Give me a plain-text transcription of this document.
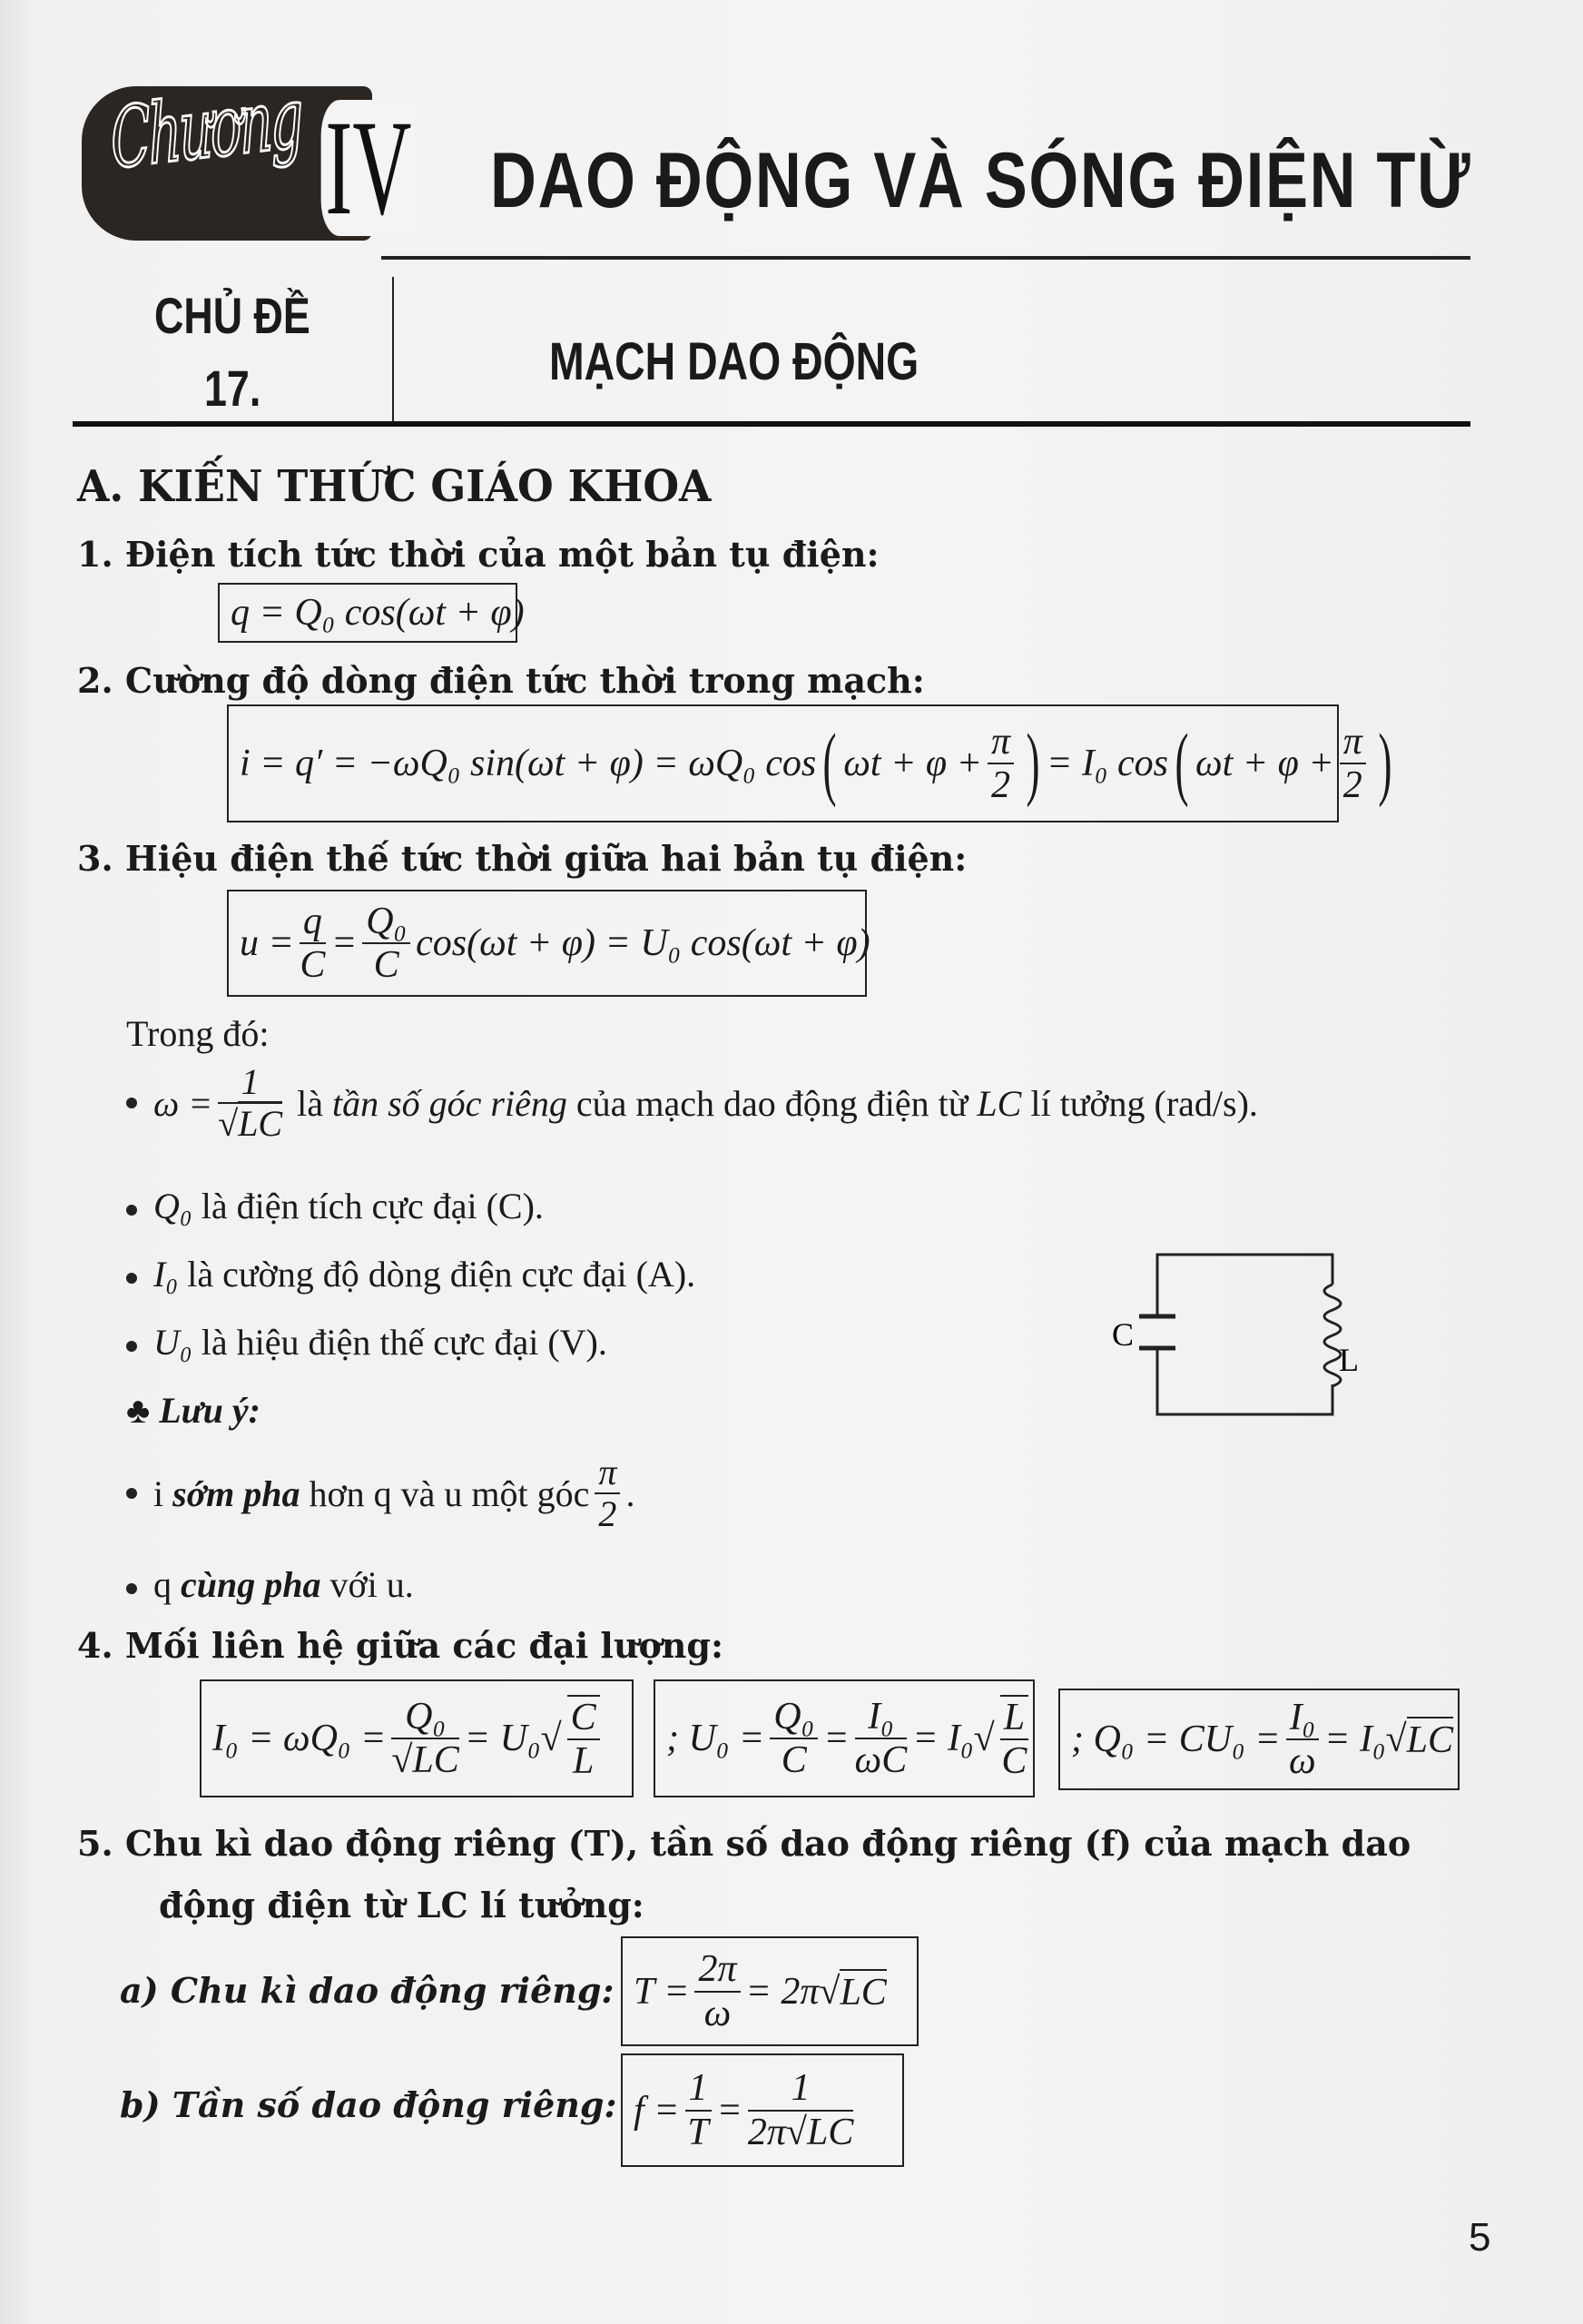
Chương IV DAO ĐỘNG VÀ SÓNG ĐIỆN TỪ
CHỦ ĐỀ
17.	MẠCH DAO ĐỘNG
A. KIẾN THỨC GIÁO KHOA
1. Điện tích tức thời của một bản tụ điện:
q = Q₀ cos(ωt + φ)
2. Cường độ dòng điện tức thời trong mạch:
i = q′ = −ωQ₀ sin(ωt + φ) = ωQ₀ cos ( $\omega t + \varphi + \frac{\pi}{2}$ ) = I₀ cos ( $\omega t + \varphi + \frac{\pi}{2}$ )
3. Hiệu điện thế tức thời giữa hai bản tụ điện:
$u = \frac{q}{C} = \frac{\text{Q₀}}{C} \cos(\omega t + \varphi) = U_0$ cos(ωt + φ)
Trong đó:
$\omega = \frac{1}{√LC}$
là
tần số góc riêng
của mạch dao động điện từ
LC
lí tưởng (rad/s).
Q₀ là điện tích cực đại (C).
I₀ là cường độ dòng điện cực đại (A).
U₀ là hiệu điện thế cực đại (V).	C
L
♣ Lưu ý:
i
sớm pha
hơn q và u một góc $\frac{\pi}{2}$ .
q cùng pha với u.
4. Mối liên hệ giữa các đại lượng:
$I_0 = \omega Q_0 = \frac{\text{Q₀}}{√LC} = U_0$ √ $\frac{C}{L}$ ; $U_0 = \frac{\text{Q₀}}{C} = \frac{\text{I₀}}{\omega C} = I_0$ √ $\frac{L}{C}$ ; $Q_0 = CU_0 = \frac{\text{I₀}}{\omega} = I_0$ √ LC
5. Chu kì dao động riêng (T), tần số dao động riêng (f) của mạch dao
động điện từ LC lí tưởng:
a) Chu kì dao động riêng: $T = \frac{2\pi}{\omega} = 2\pi$ √ LC
b) Tần số dao động riêng: $f = \frac{1}{T} = \frac{1}{2\pi√LC}$
5
